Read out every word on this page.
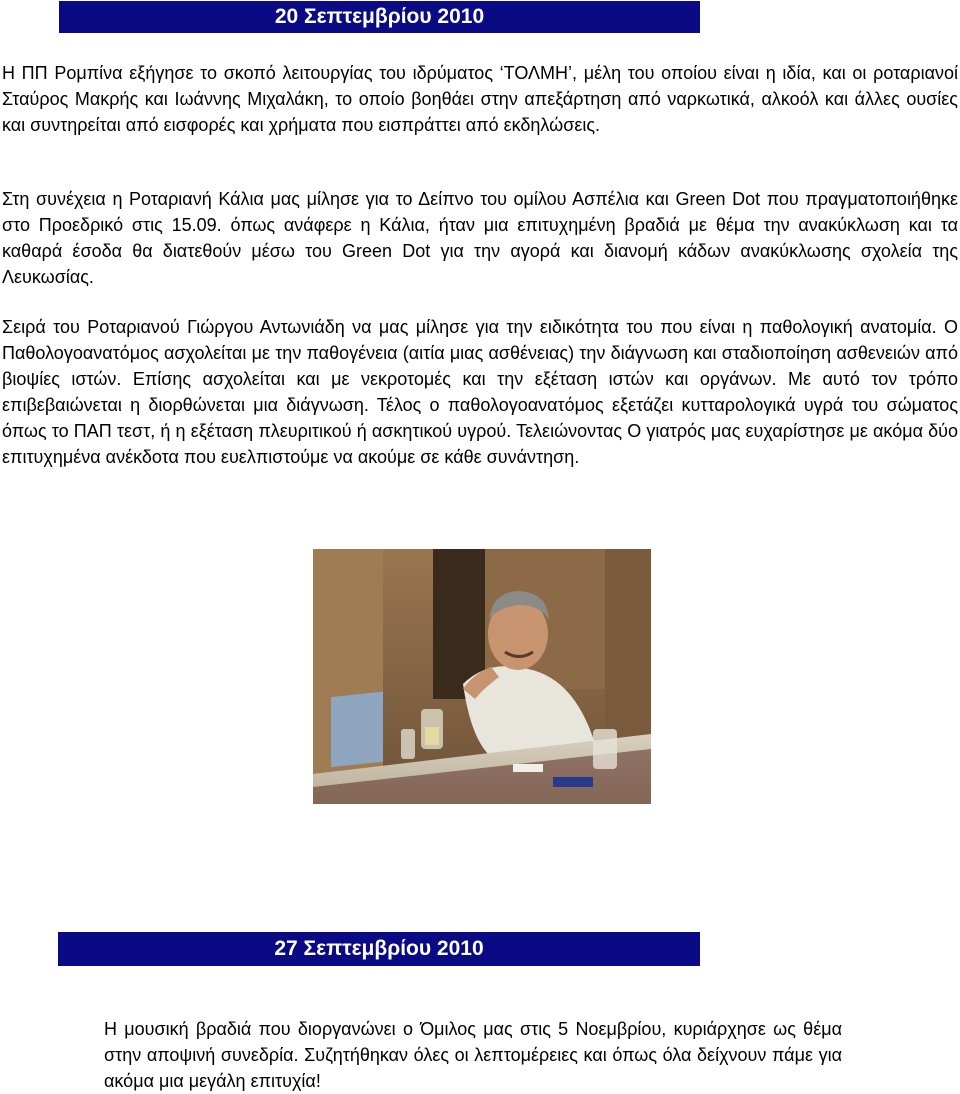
20 Σεπτεμβρίου 2010

Η ΠΠ Ρομπίνα εξήγησε το σκοπό λειτουργίας του ιδρύματος ‘ΤΟΛΜΗ’, μέλη του οποίου είναι η ιδία, και οι ροταριανοί Σταύρος Μακρής και Ιωάννης Μιχαλάκη, το οποίο βοηθάει στην απεξάρτηση από ναρκωτικά, αλκοόλ και άλλες ουσίες και συντηρείται από εισφορές και χρήματα που εισπράττει από εκδηλώσεις.

Στη συνέχεια η Ροταριανή Κάλια μας μίλησε για το Δείπνο του ομίλου Ασπέλια και Green Dot που πραγματοποιήθηκε στο Προεδρικό στις 15.09. όπως ανάφερε η Κάλια, ήταν μια επιτυχημένη βραδιά με θέμα την ανακύκλωση και τα καθαρά έσοδα θα διατεθούν μέσω του Green Dot για την αγορά και διανομή κάδων ανακύκλωσης σχολεία της Λευκωσίας.

Σειρά του Ροταριανού Γιώργου Αντωνιάδη να μας μίλησε για την ειδικότητα του που είναι η παθολογική ανατομία. Ο Παθολογοανατόμος ασχολείται με την παθογένεια (αιτία μιας ασθένειας) την διάγνωση και σταδιοποίηση ασθενειών από βιοψίες ιστών. Επίσης ασχολείται και με νεκροτομές και την εξέταση ιστών και οργάνων. Με αυτό τον τρόπο επιβεβαιώνεται η διορθώνεται μια διάγνωση. Τέλος ο παθολογοανατόμος εξετάζει κυτταρολογικά υγρά του σώματος όπως το ΠΑΠ τεστ, ή η εξέταση πλευριτικού ή ασκητικού υγρού. Τελειώνοντας Ο γιατρός μας ευχαρίστησε με ακόμα δύο επιτυχημένα ανέκδοτα που ευελπιστούμε να ακούμε σε κάθε συνάντηση.

27 Σεπτεμβρίου 2010

Η μουσική βραδιά που διοργανώνει ο Όμιλος μας στις 5 Νοεμβρίου, κυριάρχησε ως θέμα στην αποψινή συνεδρία. Συζητήθηκαν όλες οι λεπτομέρειες και όπως όλα δείχνουν πάμε για ακόμα μια μεγάλη επιτυχία!
